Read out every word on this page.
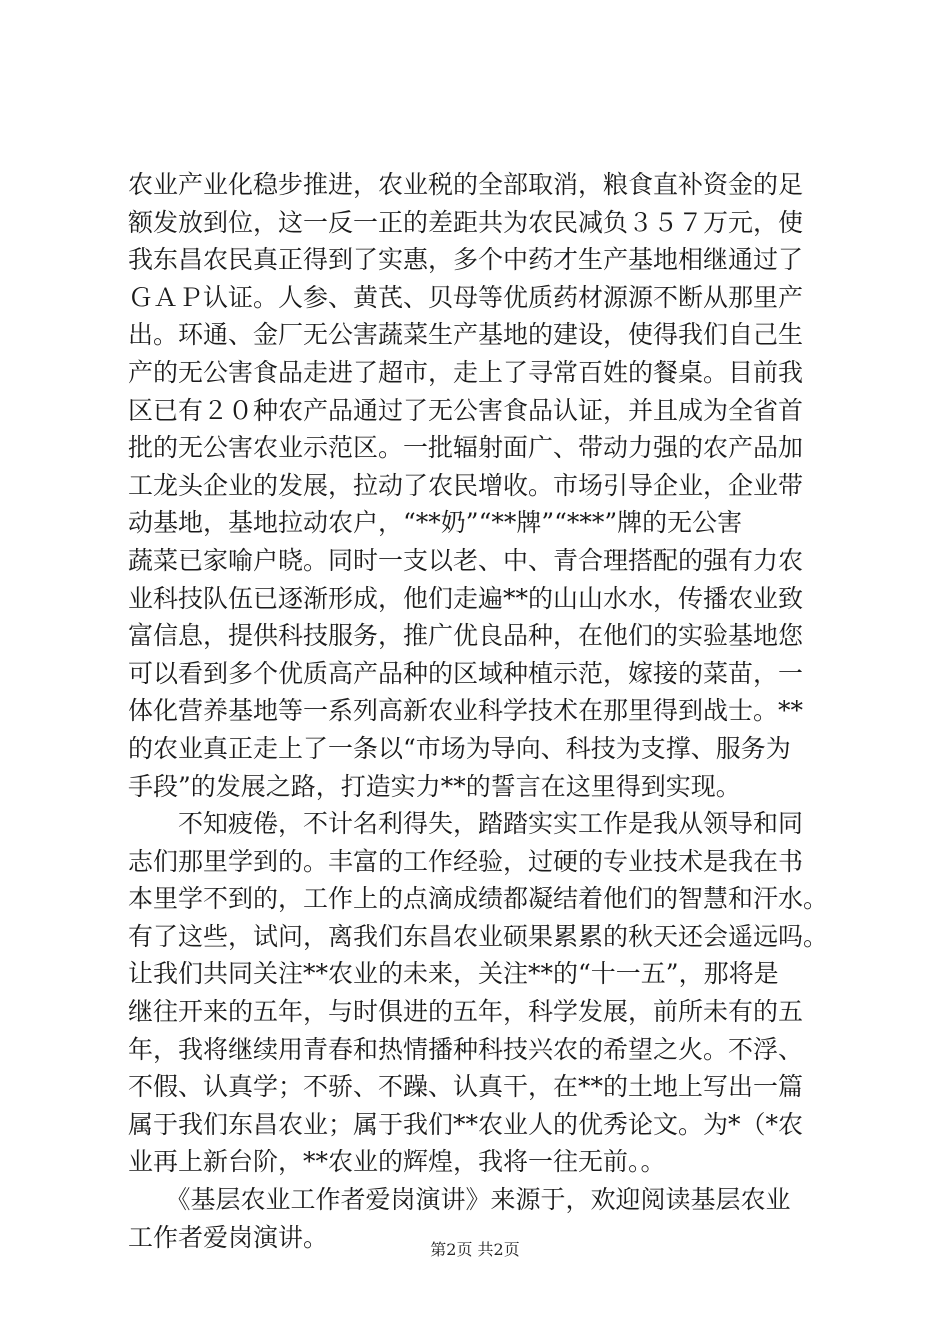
农业产业化稳步推进，农业税的全部取消，粮食直补资金的足
额发放到位，这一反一正的差距共为农民减负３５７万元，使
我东昌农民真正得到了实惠，多个中药才生产基地相继通过了
ＧＡＰ认证。人参、黄芪、贝母等优质药材源源不断从那里产
出。环通、金厂无公害蔬菜生产基地的建设，使得我们自己生
产的无公害食品走进了超市，走上了寻常百姓的餐桌。目前我
区已有２０种农产品通过了无公害食品认证，并且成为全省首
批的无公害农业示范区。一批辐射面广、带动力强的农产品加
工龙头企业的发展，拉动了农民增收。市场引导企业，企业带
动基地，基地拉动农户，“**奶”“**牌”“***”牌的无公害
蔬菜已家喻户晓。同时一支以老、中、青合理搭配的强有力农
业科技队伍已逐渐形成，他们走遍**的山山水水，传播农业致
富信息，提供科技服务，推广优良品种，在他们的实验基地您
可以看到多个优质高产品种的区域种植示范，嫁接的菜苗，一
体化营养基地等一系列高新农业科学技术在那里得到战士。**
的农业真正走上了一条以“市场为导向、科技为支撑、服务为
手段”的发展之路，打造实力**的誓言在这里得到实现。
　　不知疲倦，不计名利得失，踏踏实实工作是我从领导和同
志们那里学到的。丰富的工作经验，过硬的专业技术是我在书
本里学不到的，工作上的点滴成绩都凝结着他们的智慧和汗水。
有了这些，试问，离我们东昌农业硕果累累的秋天还会遥远吗。
让我们共同关注**农业的未来，关注**的“十一五”，那将是
继往开来的五年，与时俱进的五年，科学发展，前所未有的五
年，我将继续用青春和热情播种科技兴农的希望之火。不浮、
不假、认真学；不骄、不躁、认真干，在**的土地上写出一篇
属于我们东昌农业；属于我们**农业人的优秀论文。为*（*农
业再上新台阶，**农业的辉煌，我将一往无前。。
　　《基层农业工作者爱岗演讲》来源于，欢迎阅读基层农业
工作者爱岗演讲。	第2页 共2页
